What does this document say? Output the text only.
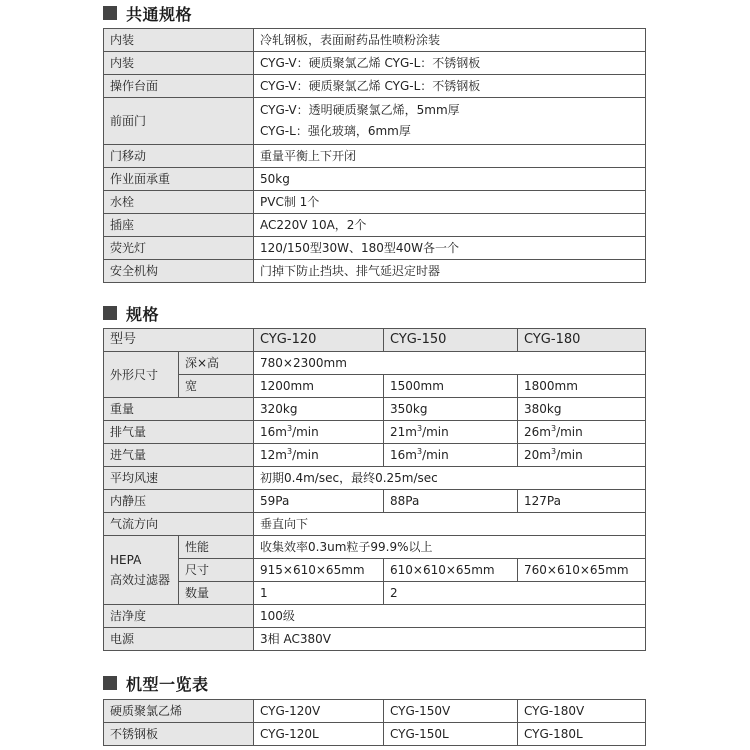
共通规格
内装	冷轧钢板，表面耐药品性喷粉涂装
内装	CYG-V：硬质聚氯乙烯 CYG-L：不锈钢板
操作台面	CYG-V：硬质聚氯乙烯 CYG-L：不锈钢板
前面门	CYG-V：透明硬质聚氯乙烯，5mm厚
CYG-L：强化玻璃，6mm厚

门移动	重量平衡上下开闭
作业面承重	50kg
水栓	PVC制 1个
插座	AC220V 10A，2个
荧光灯	120/150型30W、180型40W各一个
安全机构	门掉下防止挡块、排气延迟定时器
规格
型号		CYG-120	CYG-150	CYG-180
外形尺寸	深×高	780×2300mm		
	宽	1200mm	1500mm	1800mm
重量		320kg	350kg	380kg
排气量		$16m^3/\min$	$21m^3/\min$	$26m^3/\min$
进气量		$12m^3/\min$	$16m^3/\min$	$20m^3/\min$
平均风速		初期0.4m/sec，最终0.25m/sec		
内静压		59Pa	88Pa	127Pa
气流方向		垂直向下		

HEPA
高效过滤器	性能	收集效率0.3um粒子99.9%以上		
	尺寸	915×610×65mm	610×610×65mm	760×610×65mm
	数量	1	2	
洁净度		100级		
电源		3相 AC380V		
机型一览表
硬质聚氯乙烯	CYG-120V	CYG-150V	CYG-180V
不锈钢板	CYG-120L	CYG-150L	CYG-180L
